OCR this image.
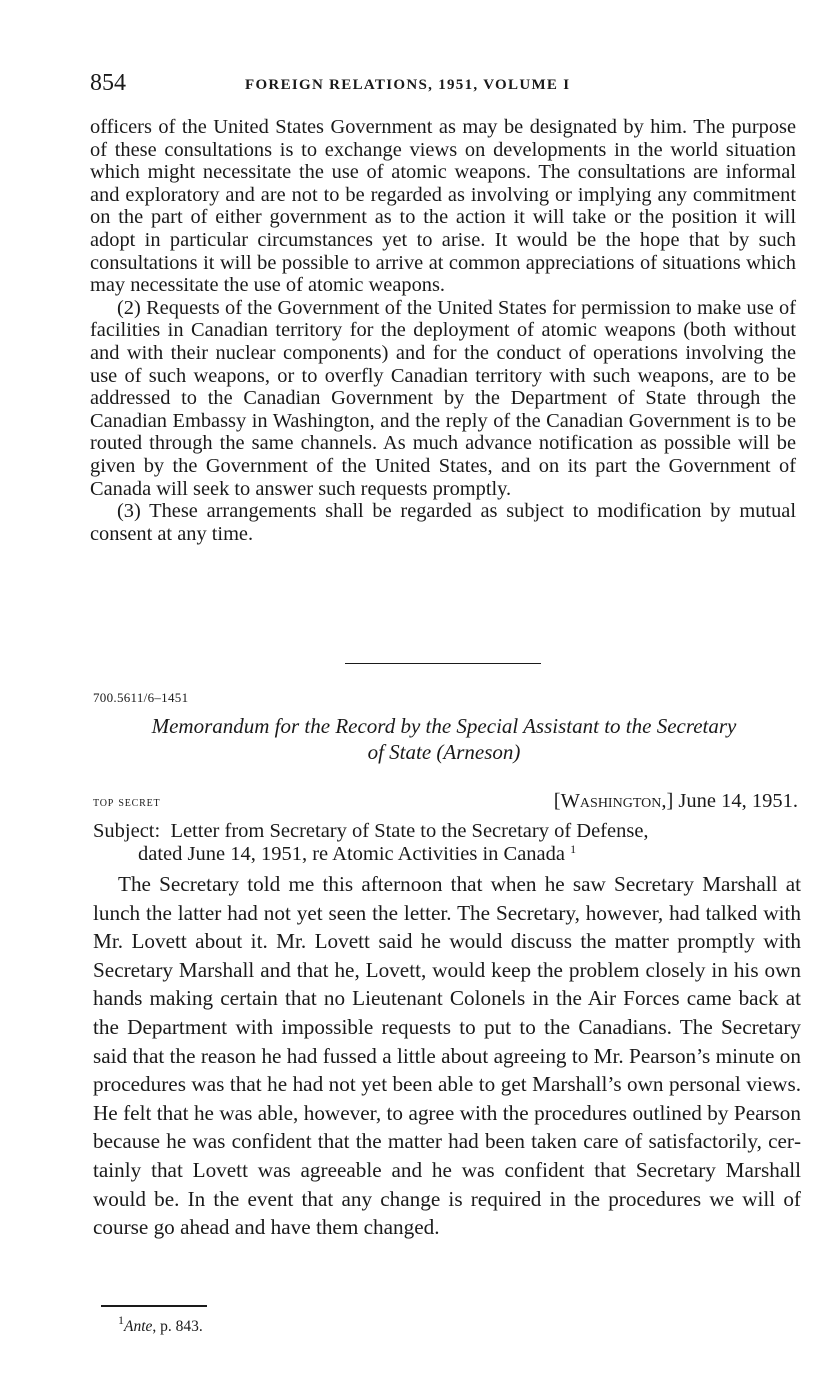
854	FOREIGN RELATIONS, 1951, VOLUME I

officers of the United States Government as may be designated by him. The purpose of these consultations is to exchange views on developments in the world situation which might necessitate the use of atomic weapons. The consultations are informal and exploratory and are not to be regarded as involving or implying any commitment on the part of either government as to the action it will take or the position it will adopt in particular circumstances yet to arise. It would be the hope that by such consultations it will be possible to arrive at common appreciations of situations which may necessitate the use of atomic weapons.

(2) Requests of the Government of the United States for permission to make use of facilities in Canadian territory for the deployment of atomic weapons (both without and with their nuclear components) and for the conduct of operations involving the use of such weapons, or to overfly Canadian territory with such weapons, are to be addressed to the Canadian Government by the Department of State through the Canadian Embassy in Washington, and the reply of the Canadian Government is to be routed through the same channels. As much advance notification as possible will be given by the Government of the United States, and on its part the Government of Canada will seek to answer such requests promptly.

(3) These arrangements shall be regarded as subject to modification by mutual consent at any time.

700.5611/6–1451
Memorandum for the Record by the Special Assistant to the Secretary
of State (Arneson)
top secret	[Washington,] June 14, 1951.
Subject: Letter from Secretary of State to the Secretary of Defense,
dated June 14, 1951, re Atomic Activities in Canada $^1$

The Secretary told me this afternoon that when he saw Secretary Marshall at lunch the latter had not yet seen the letter. The Secretary, however, had talked with Mr. Lovett about it. Mr. Lovett said he would discuss the matter promptly with Secretary Marshall and that he, Lovett, would keep the problem closely in his own hands making certain that no Lieutenant Colonels in the Air Forces came back at the Department with impossible requests to put to the Canadians. The Secretary said that the reason he had fussed a little about agreeing to Mr. Pearson’s minute on procedures was that he had not yet been able to get Marshall’s own personal views. He felt that he was able, however, to agree with the procedures outlined by Pearson because he was confident that the matter had been taken care of satisfactorily, certainly that Lovett was agreeable and he was confident that Secretary Marshall would be. In the event that any change is required in the procedures we will of course go ahead and have them changed.

$^1$Ante, p. 843.
